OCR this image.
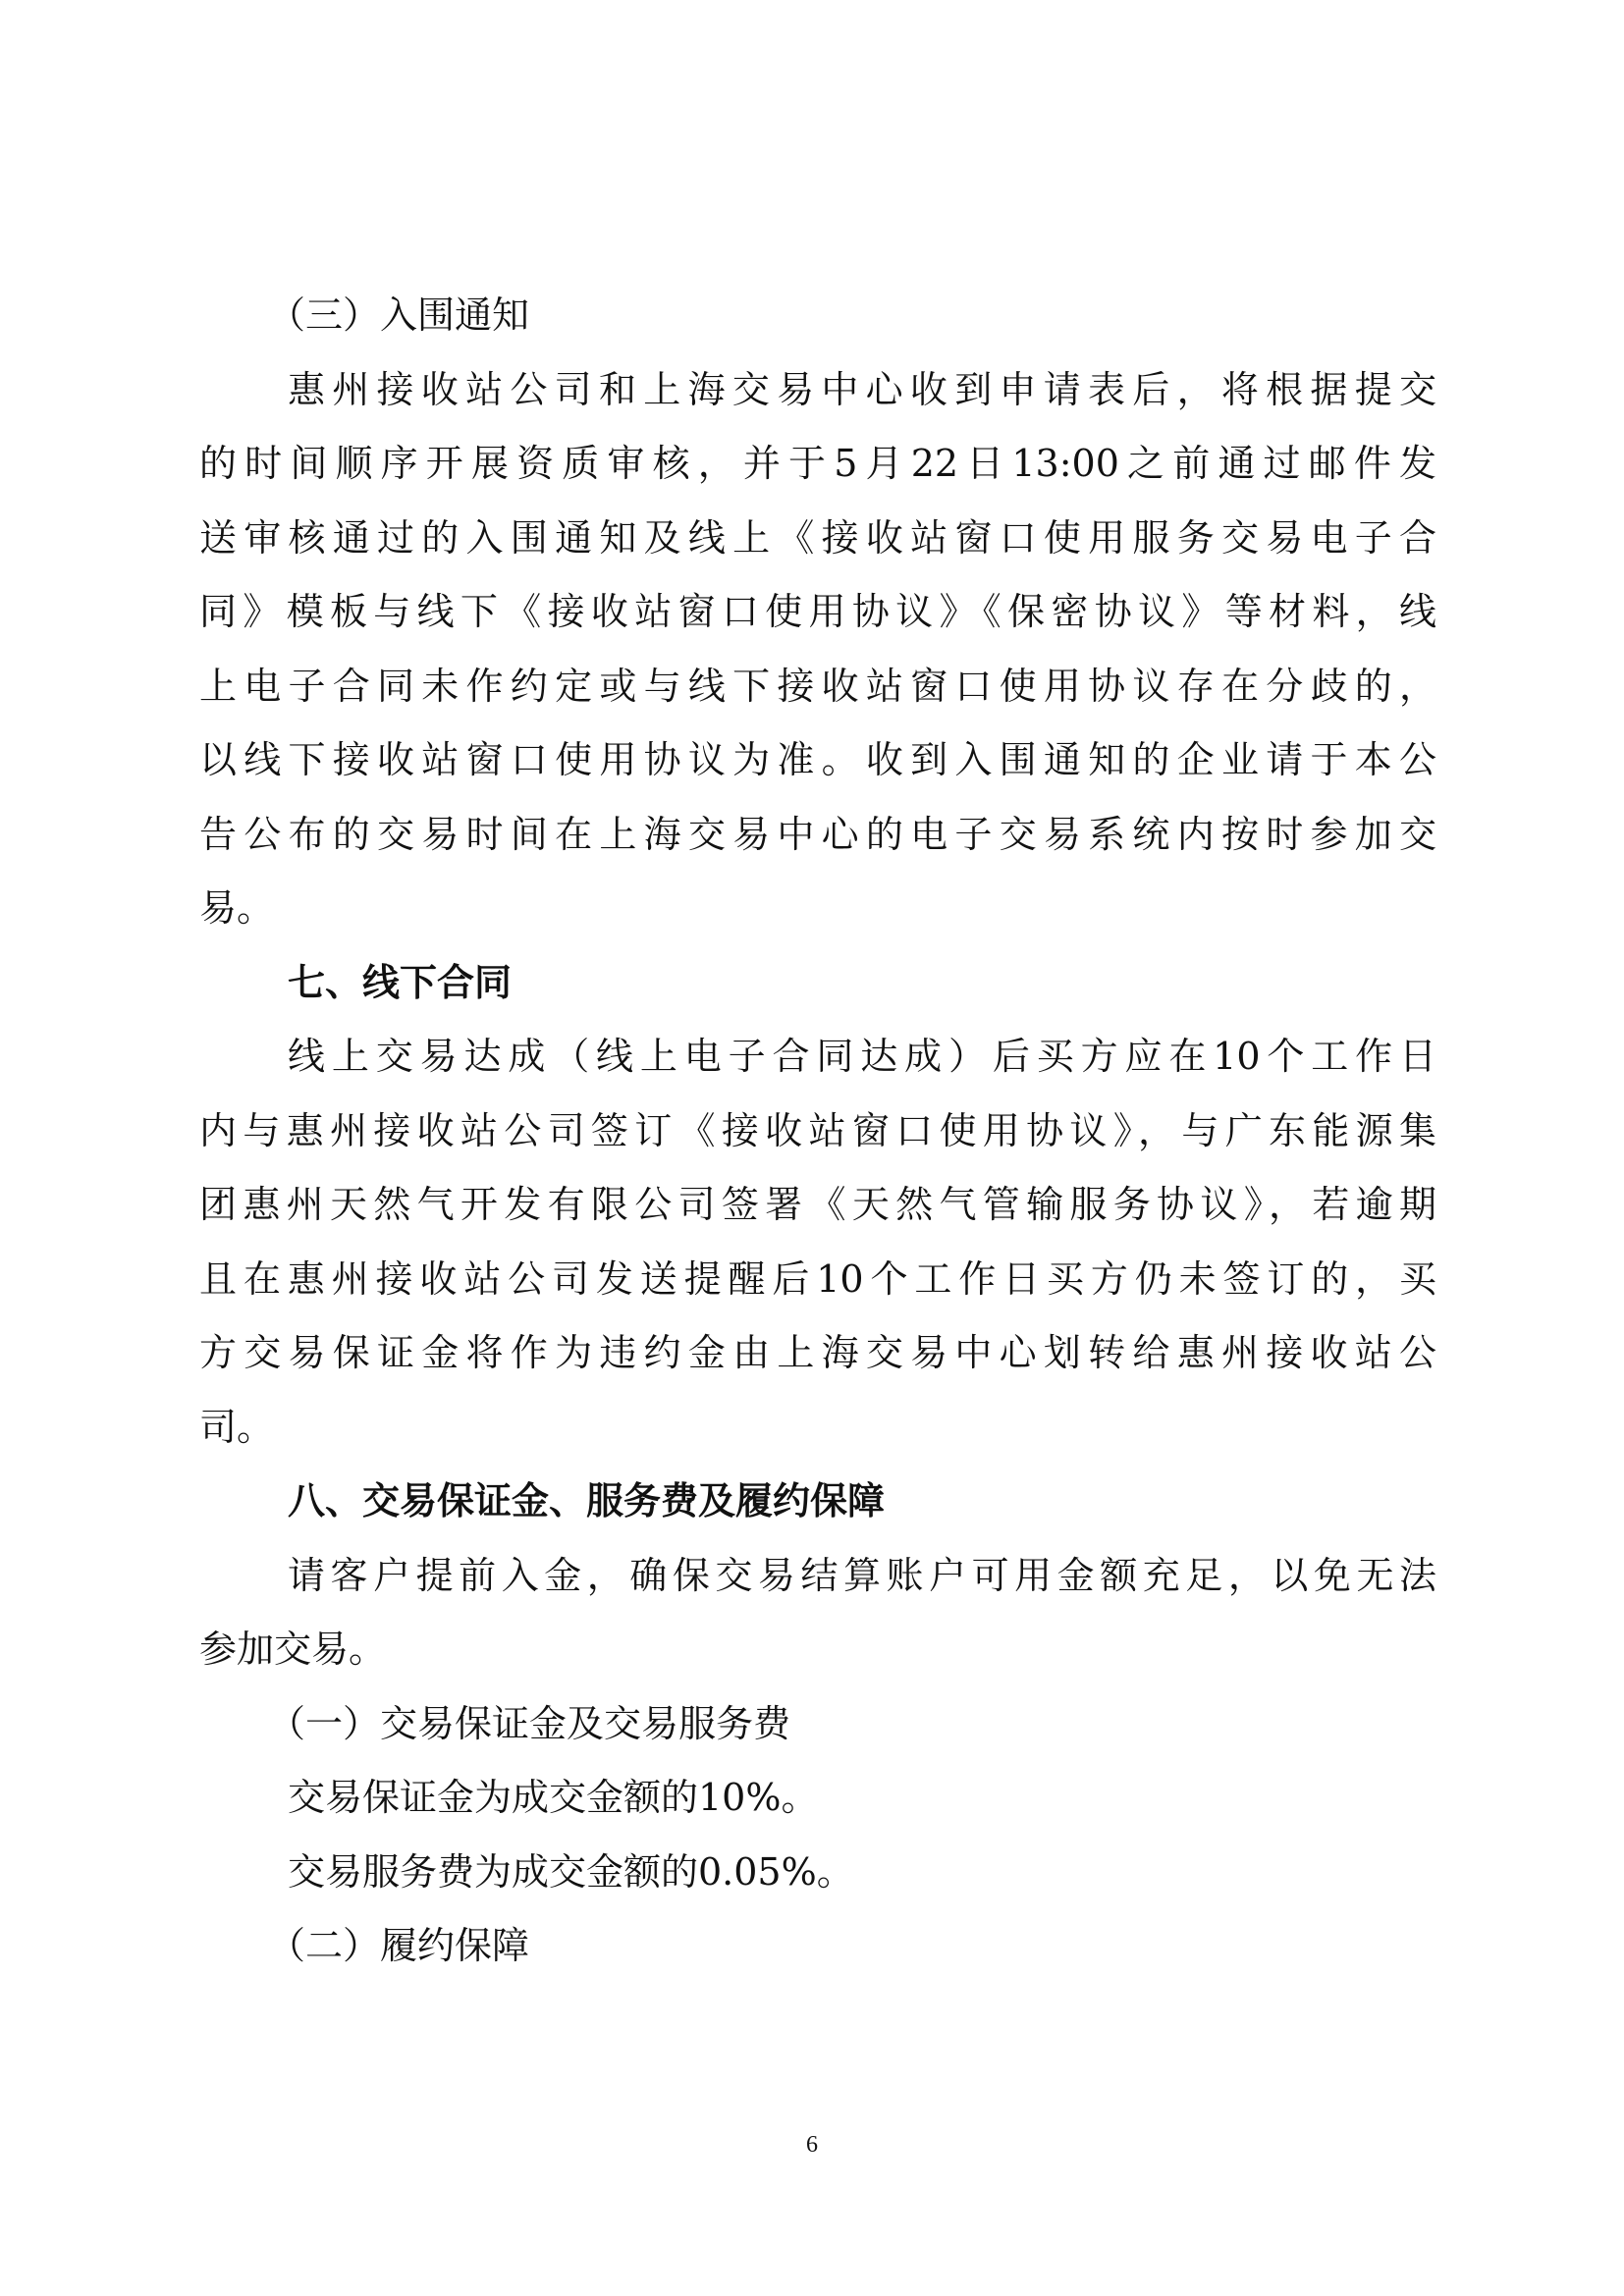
（三）入围通知
惠州接收站公司和上海交易中心收到申请表后，将根据提交
的时间顺序开展资质审核，并于5月22日13:00之前通过邮件发
送审核通过的入围通知及线上《接收站窗口使用服务交易电子合
同》模板与线下《接收站窗口使用协议》《保密协议》等材料，线
上电子合同未作约定或与线下接收站窗口使用协议存在分歧的，
以线下接收站窗口使用协议为准。收到入围通知的企业请于本公
告公布的交易时间在上海交易中心的电子交易系统内按时参加交
易。
七、线下合同
线上交易达成（线上电子合同达成）后买方应在10个工作日
内与惠州接收站公司签订《接收站窗口使用协议》，与广东能源集
团惠州天然气开发有限公司签署《天然气管输服务协议》，若逾期
且在惠州接收站公司发送提醒后10个工作日买方仍未签订的，买
方交易保证金将作为违约金由上海交易中心划转给惠州接收站公
司。
八、交易保证金、服务费及履约保障
请客户提前入金，确保交易结算账户可用金额充足，以免无法
参加交易。
（一）交易保证金及交易服务费
交易保证金为成交金额的10%。
交易服务费为成交金额的0.05%。
（二）履约保障
6
